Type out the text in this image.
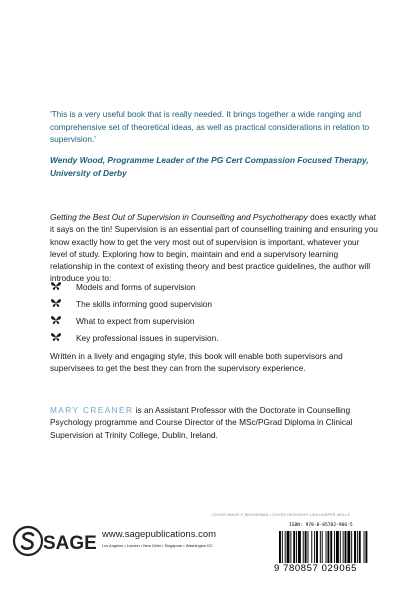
'This is a very useful book that is really needed. It brings together a wide ranging and comprehensive set of theoretical ideas, as well as practical considerations in relation to supervision.'

Wendy Wood, Programme Leader of the PG Cert Compassion Focused Therapy, University of Derby
Getting the Best Out of Supervision in Counselling and Psychotherapy does exactly what it says on the tin! Supervision is an essential part of counselling training and ensuring you know exactly how to get the very most out of supervision is important, whatever your level of study. Exploring how to begin, maintain and end a supervisory learning relationship in the context of existing theory and best practice guidelines, the author will introduce you to:
Models and forms of supervision
The skills informing good supervision
What to expect from supervision
Key professional issues in supervision.
Written in a lively and engaging style, this book will enable both supervisors and supervisees to get the best they can from the supervisory experience.
MARY CREANER is an Assistant Professor with the Doctorate in Counselling Psychology programme and Course Director of the MSc/PGrad Diploma in Clinical Supervision at Trinity College, Dublin, Ireland.
COVER IMAGE © BRIDGEMAN • COVER DESIGN BY LISA HARPER-WELLS
SAGE www.sagepublications.com
Los Angeles • London • New Delhi • Singapore • Washington DC
ISBN: 978-0-85702-906-5
9 780857 029065
